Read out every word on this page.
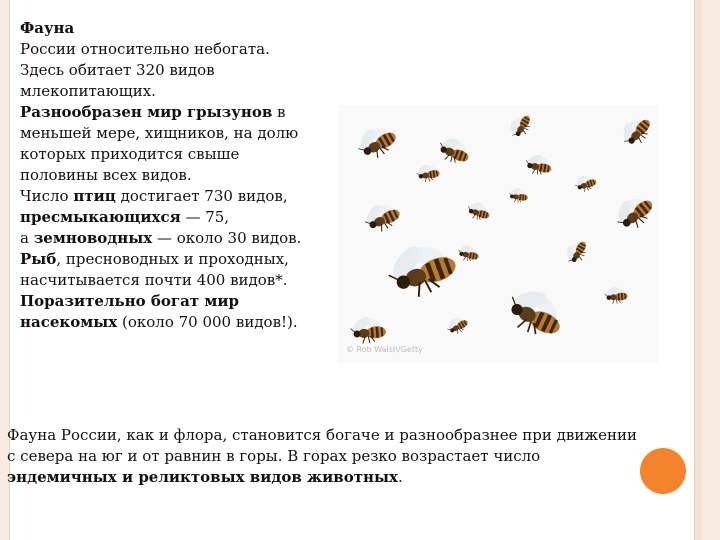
Фауна
России относительно небогата.
Здесь обитает 320 видов
млекопитающих.
Разнообразен мир грызунов в
меньшей мере, хищников, на долю
которых приходится свыше
половины всех видов.
Число птиц достигает 730 видов,
пресмыкающихся — 75,
а земноводных — около 30 видов.
Рыб, пресноводных и проходных,
насчитывается почти 400 видов*.
Поразительно богат мир
насекомых (около 70 000 видов!).
© Rob Walsh/Getty
Фауна России, как и флора, становится богаче и разнообразнее при движении
с севера на юг и от равнин в горы. В горах резко возрастает число
эндемичных и реликтовых видов животных.
